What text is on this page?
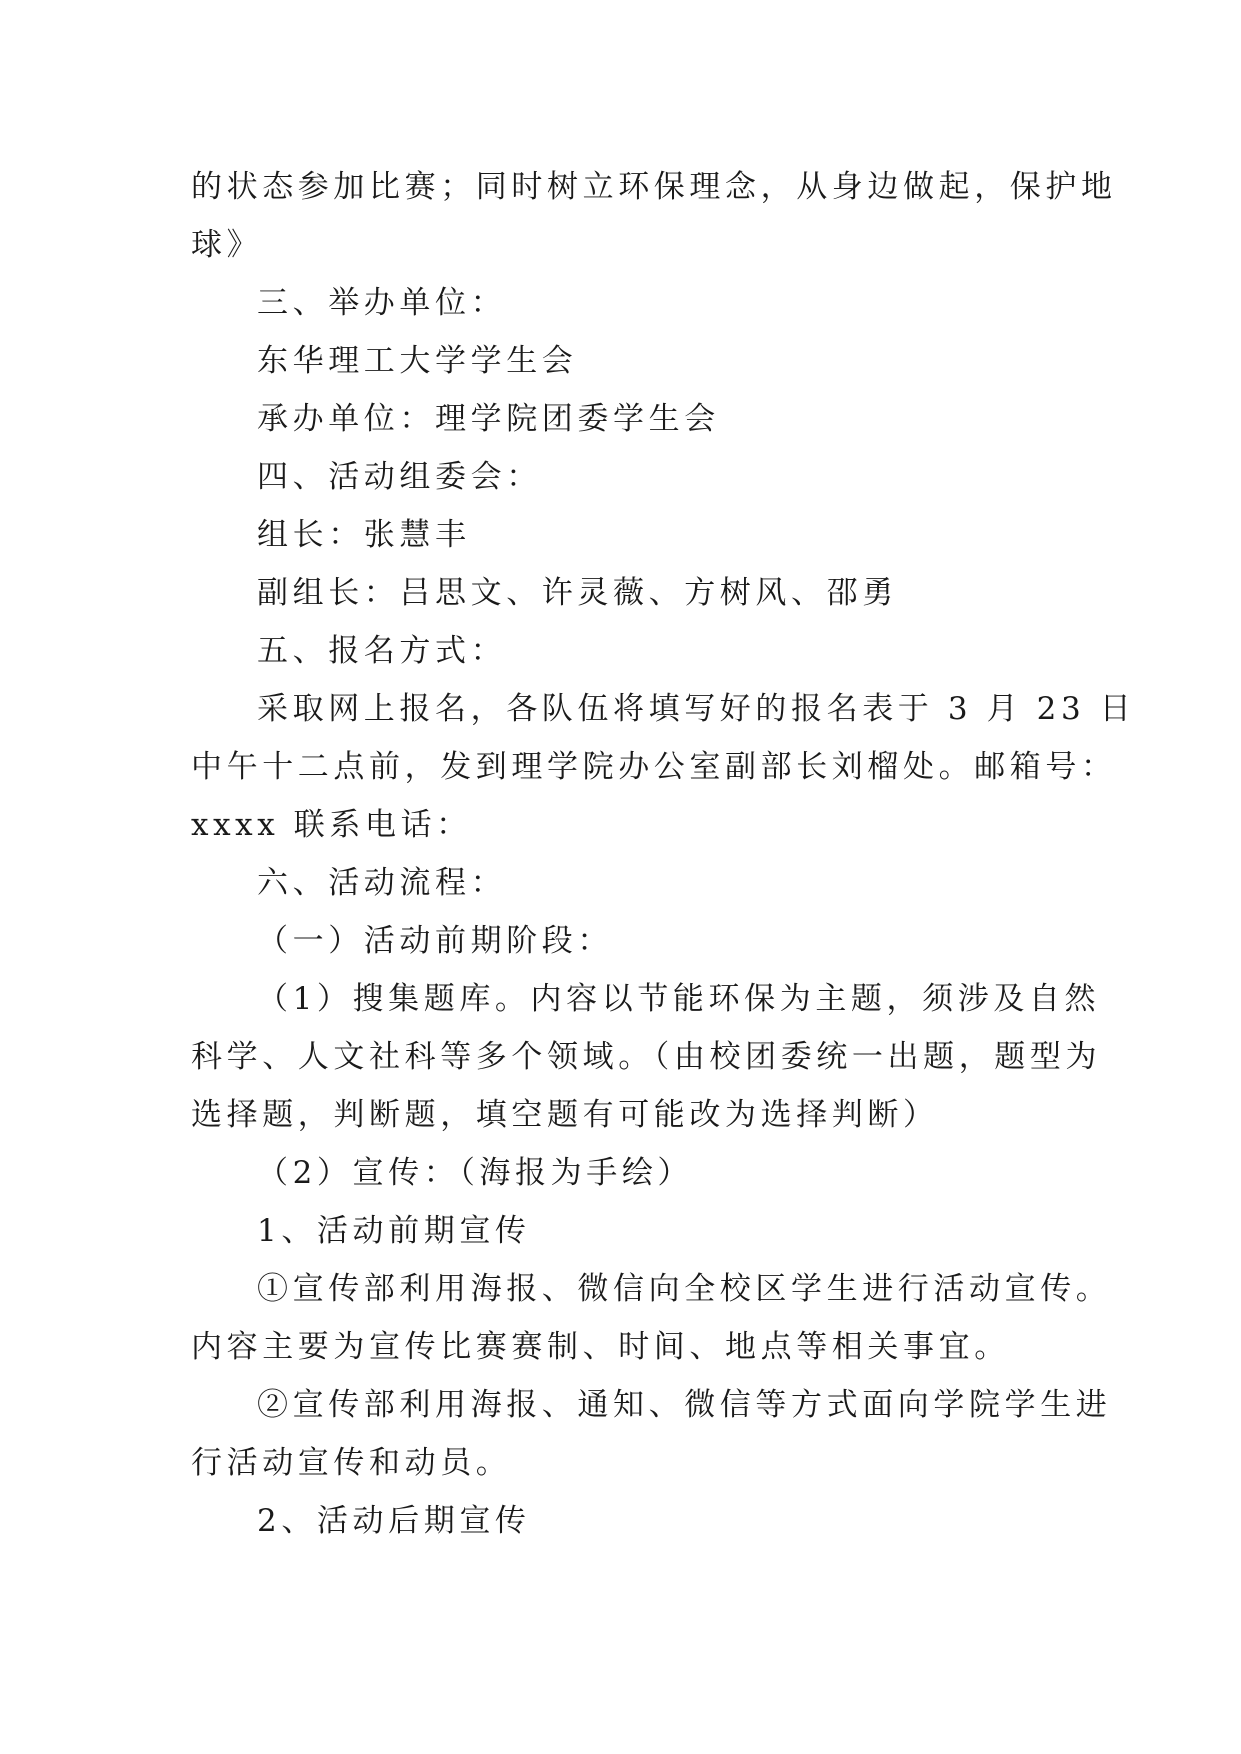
的状态参加比赛；同时树立环保理念，从身边做起，保护地
球》
三、举办单位：
东华理工大学学生会
承办单位：理学院团委学生会
四、活动组委会：
组长：张慧丰
副组长：吕思文、许灵薇、方树风、邵勇
五、报名方式：
采取网上报名，各队伍将填写好的报名表于 3 月 23 日
中午十二点前，发到理学院办公室副部长刘榴处。邮箱号：
xxxx 联系电话：
六、活动流程：
（一）活动前期阶段：
（1）搜集题库。内容以节能环保为主题，须涉及自然
科学、人文社科等多个领域。（由校团委统一出题，题型为
选择题，判断题，填空题有可能改为选择判断）
（2）宣传：（海报为手绘）
1、活动前期宣传
①宣传部利用海报、微信向全校区学生进行活动宣传。
内容主要为宣传比赛赛制、时间、地点等相关事宜。
②宣传部利用海报、通知、微信等方式面向学院学生进
行活动宣传和动员。
2、活动后期宣传
